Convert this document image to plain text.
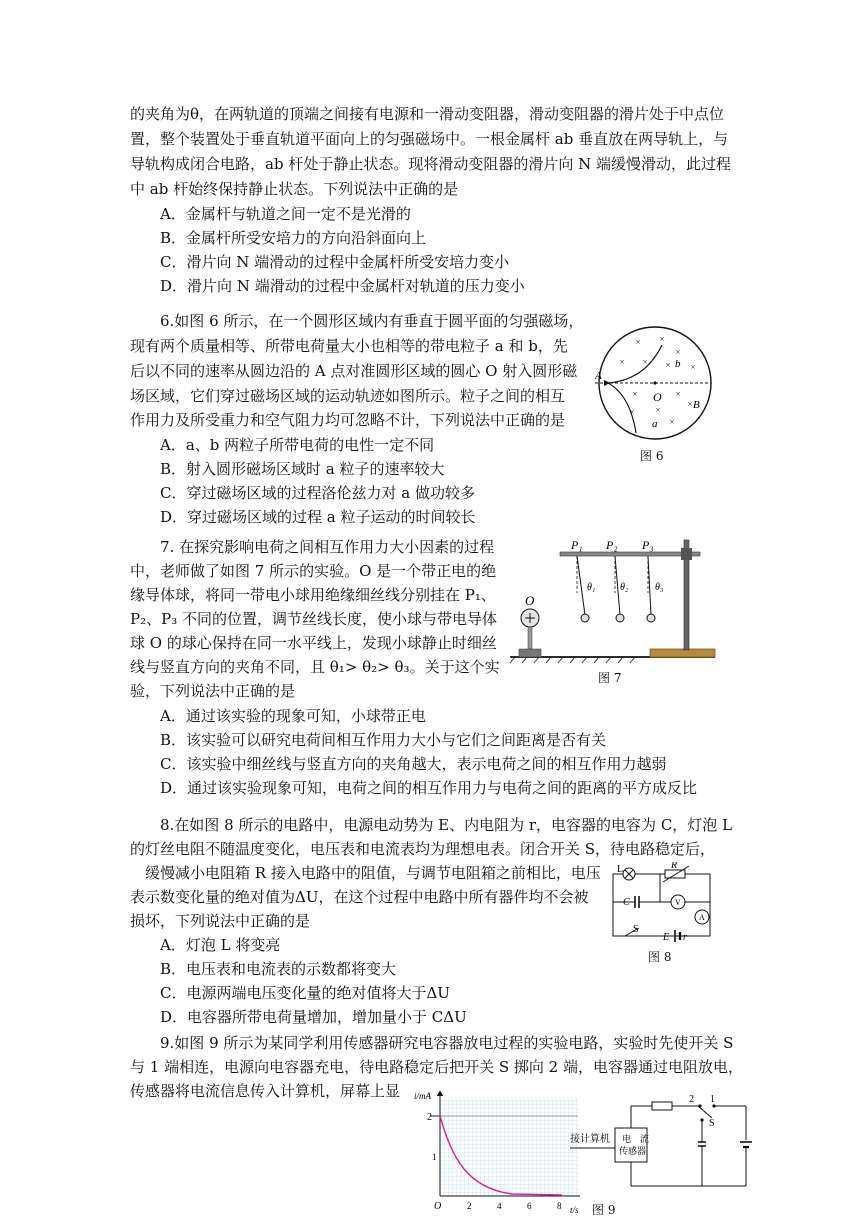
的夹角为θ，在两轨道的顶端之间接有电源和一滑动变阻器，滑动变阻器的滑片处于中点位
置，整个装置处于垂直轨道平面向上的匀强磁场中。一根金属杆 ab 垂直放在两导轨上，与
导轨构成闭合电路，ab 杆处于静止状态。现将滑动变阻器的滑片向 N 端缓慢滑动，此过程
中 ab 杆始终保持静止状态。下列说法中正确的是
A．金属杆与轨道之间一定不是光滑的
B．金属杆所受安培力的方向沿斜面向上
C．滑片向 N 端滑动的过程中金属杆所受安培力变小
D．滑片向 N 端滑动的过程中金属杆对轨道的压力变小
6.如图 6 所示，在一个圆形区域内有垂直于圆平面的匀强磁场，
现有两个质量相等、所带电荷量大小也相等的带电粒子 a 和 b，先
后以不同的速率从圆边沿的 A 点对准圆形区域的圆心 O 射入圆形磁
场区域，它们穿过磁场区域的运动轨迹如图所示。粒子之间的相互
作用力及所受重力和空气阻力均可忽略不计，下列说法中正确的是
A．a、b 两粒子所带电荷的电性一定不同
B．射入圆形磁场区域时 a 粒子的速率较大
C．穿过磁场区域的过程洛伦兹力对 a 做功较多
D．穿过磁场区域的过程 a 粒子运动的时间较长
× ×
×
× × × ×
×	×
×
× ×
×
A
O
B
a
b
图 6
7. 在探究影响电荷之间相互作用力大小因素的过程
中，老师做了如图 7 所示的实验。O 是一个带正电的绝
缘导体球，将同一带电小球用绝缘细丝线分别挂在 P₁、
P₂、P₃ 不同的位置，调节丝线长度，使小球与带电导体
球 O 的球心保持在同一水平线上，发现小球静止时细丝
线与竖直方向的夹角不同，且 θ₁> θ₂> θ₃。关于这个实
验，下列说法中正确的是
A．通过该实验的现象可知，小球带正电
B．该实验可以研究电荷间相互作用力大小与它们之间距离是否有关
C．该实验中细丝线与竖直方向的夹角越大，表示电荷之间的相互作用力越弱
D．通过该实验现象可知，电荷之间的相互作用力与电荷之间的距离的平方成反比
O
P₁ P₂ P₃
θ₁ θ₂	θ₃
图 7
8.在如图 8 所示的电路中，电源电动势为 E、内电阻为 r，电容器的电容为 C，灯泡 L
的灯丝电阻不随温度变化，电压表和电流表均为理想电表。闭合开关 S，待电路稳定后，
缓慢减小电阻箱 R 接入电路中的阻值，与调节电阻箱之前相比，电压
表示数变化量的绝对值为ΔU，在这个过程中电路中所有器件均不会被
损坏，下列说法中正确的是
A．灯泡 L 将变亮
B．电压表和电流表的示数都将变大
C．电源两端电压变化量的绝对值将大于ΔU
D．电容器所带电荷量增加，增加量小于 CΔU
L	R
C	V
A
S
E r
图 8
9.如图 9 所示为某同学利用传感器研究电容器放电过程的实验电路，实验时先使开关 S
与 1 端相连，电源向电容器充电，待电路稳定后把开关 S 掷向 2 端，电容器通过电阻放电，
传感器将电流信息传入计算机，屏幕上显 i/mA
2
1
O	2	4	6	8 t/s
接计算机 电　流
传感器
2 1
S
图 9
